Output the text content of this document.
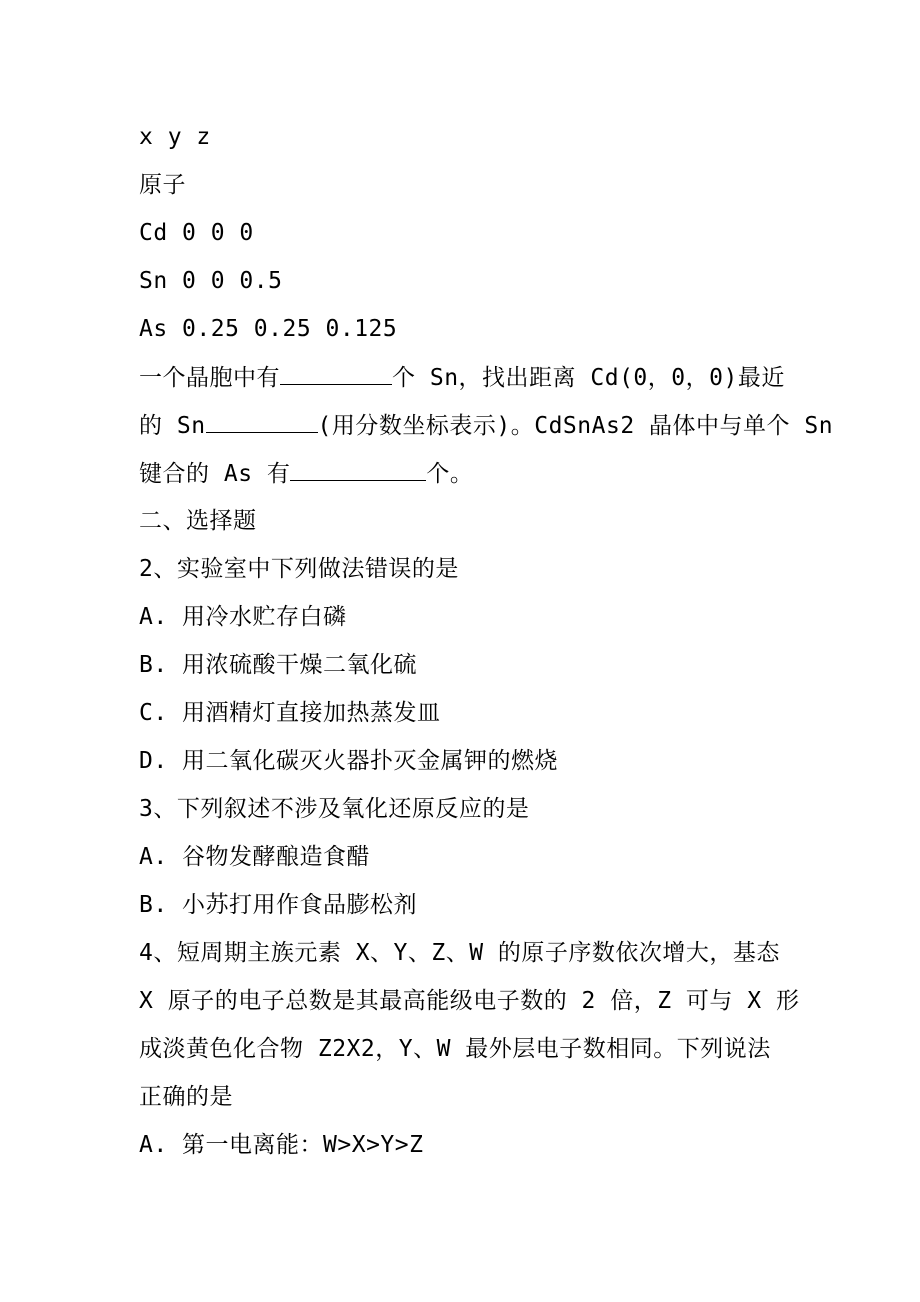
x y z
原子
Cd 0 0 0
Sn 0 0 0.5
As 0.25 0.25 0.125
一个晶胞中有	个 Sn，找出距离 Cd(0，0，0)最近
的 Sn	(用分数坐标表示)。CdSnAs2 晶体中与单个 Sn
键合的 As 有	个。
二、选择题
2、实验室中下列做法错误的是
A. 用冷水贮存白磷
B. 用浓硫酸干燥二氧化硫
C. 用酒精灯直接加热蒸发皿
D. 用二氧化碳灭火器扑灭金属钾的燃烧
3、下列叙述不涉及氧化还原反应的是
A. 谷物发酵酿造食醋
B. 小苏打用作食品膨松剂
4、短周期主族元素 X、Y、Z、W 的原子序数依次增大，基态
X 原子的电子总数是其最高能级电子数的 2 倍，Z 可与 X 形
成淡黄色化合物 Z2X2，Y、W 最外层电子数相同。下列说法
正确的是
A. 第一电离能：W>X>Y>Z
